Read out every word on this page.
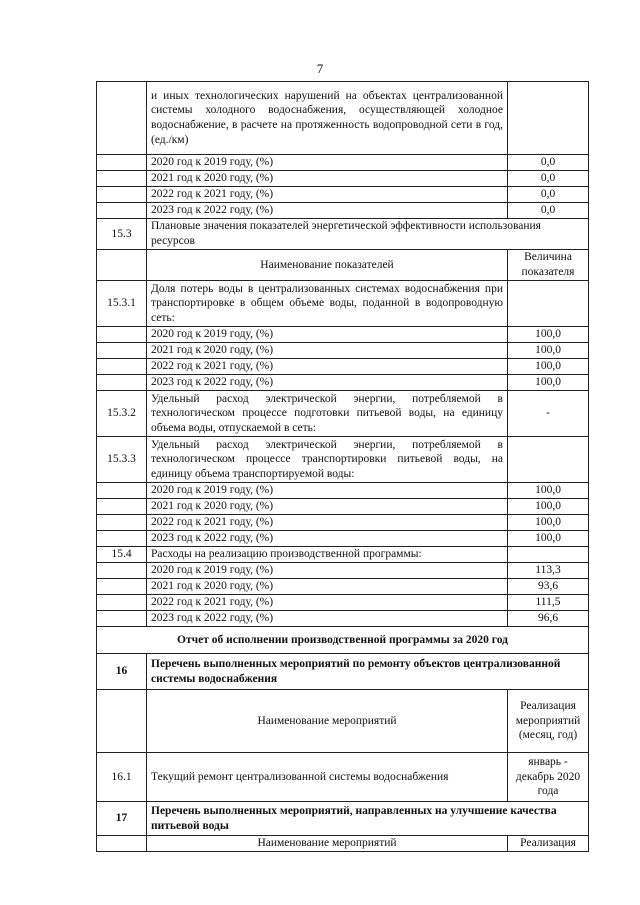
7
	и иных технологических нарушений на объектах централизованной системы холодного водоснабжения, осуществляющей холодное водоснабжение, в расчете на протяженность водопроводной сети в год, (ед./км)	
	2020 год к 2019 году, (%)	0,0
	2021 год к 2020 году, (%)	0,0
	2022 год к 2021 году, (%)	0,0
	2023 год к 2022 году, (%)	0,0
15.3	Плановые значения показателей энергетической эффективности использования ресурсов	
	Наименование показателей	Величина показателя
15.3.1	Доля потерь воды в централизованных системах водоснабжения при транспортировке в общем объеме воды, поданной в водопроводную сеть:	
	2020 год к 2019 году, (%)	100,0
	2021 год к 2020 году, (%)	100,0
	2022 год к 2021 году, (%)	100,0
	2023 год к 2022 году, (%)	100,0
15.3.2	Удельный расход электрической энергии, потребляемой в технологическом процессе подготовки питьевой воды, на единицу объема воды, отпускаемой в сеть:	-
15.3.3	Удельный расход электрической энергии, потребляемой в технологическом процессе транспортировки питьевой воды, на единицу объема транспортируемой воды:	
	2020 год к 2019 году, (%)	100,0
	2021 год к 2020 году, (%)	100,0
	2022 год к 2021 году, (%)	100,0
	2023 год к 2022 году, (%)	100,0
15.4	Расходы на реализацию производственной программы:	
	2020 год к 2019 году, (%)	113,3
	2021 год к 2020 году, (%)	93,6
	2022 год к 2021 году, (%)	111,5
	2023 год к 2022 году, (%)	96,6
Отчет об исполнении производственной программы за 2020 год		
16	Перечень выполненных мероприятий по ремонту объектов централизованной системы водоснабжения	
	Наименование мероприятий	Реализация мероприятий (месяц, год)
16.1	Текущий ремонт централизованной системы водоснабжения	январь - декабрь 2020 года
17	Перечень выполненных мероприятий, направленных на улучшение качества питьевой воды	
	Наименование мероприятий	Реализация
